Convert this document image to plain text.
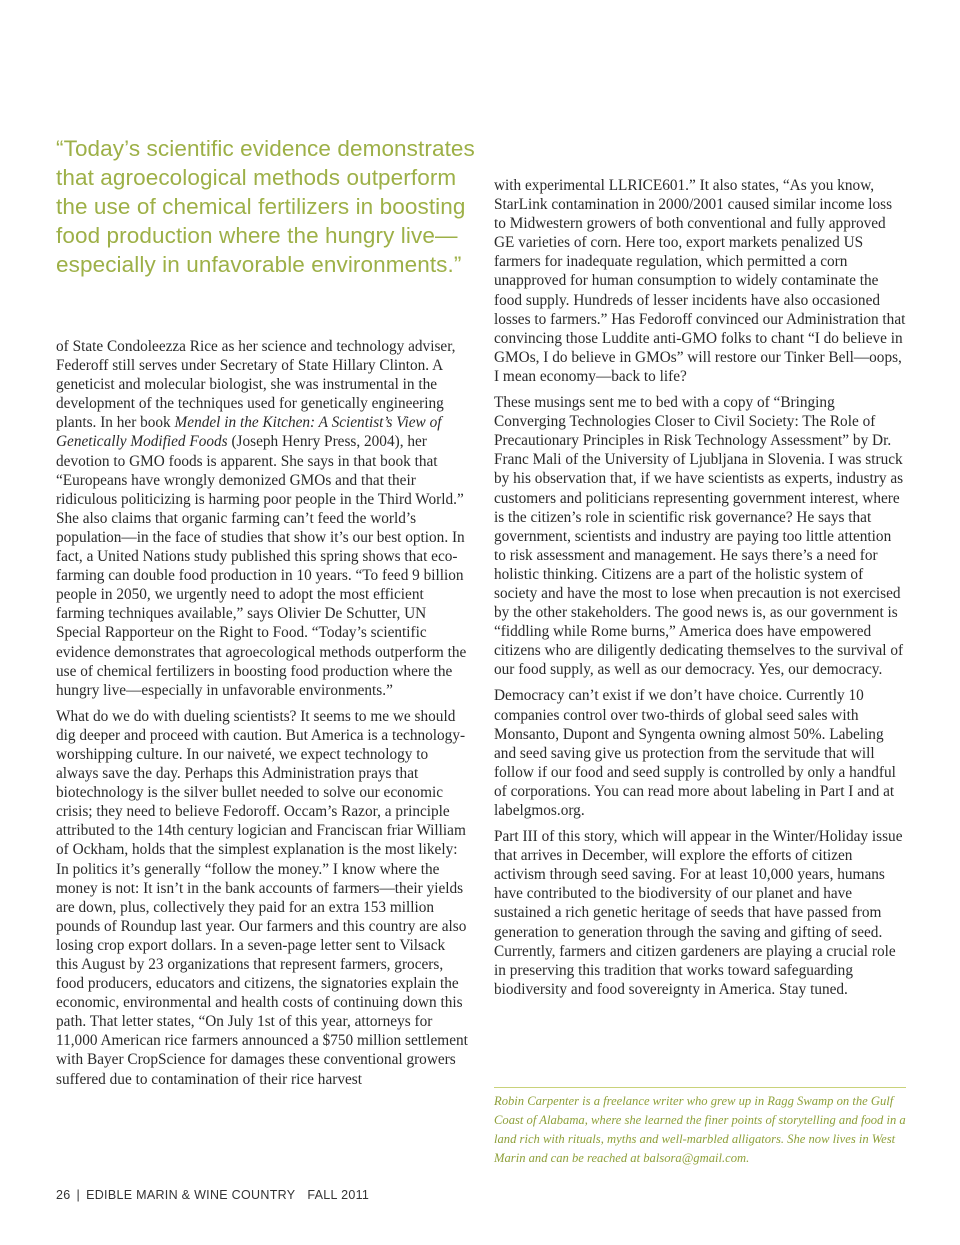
“Today’s scientific evidence demonstrates that agroecological methods outperform the use of chemical fertilizers in boosting food production where the hungry live—especially in unfavorable environments.”

of State Condoleezza Rice as her science and technology adviser, Federoff still serves under Secretary of State Hillary Clinton. A geneticist and molecular biologist, she was instrumental in the development of the techniques used for genetically engineering plants. In her book Mendel in the Kitchen: A Scientist’s View of Genetically Modified Foods (Joseph Henry Press, 2004), her devotion to GMO foods is apparent. She says in that book that “Europeans have wrongly demonized GMOs and that their ridiculous politicizing is harming poor people in the Third World.” She also claims that organic farming can’t feed the world’s population—in the face of studies that show it’s our best option. In fact, a United Nations study published this spring shows that eco-farming can double food production in 10 years. “To feed 9 billion people in 2050, we urgently need to adopt the most efficient farming techniques available,” says Olivier De Schutter, UN Special Rapporteur on the Right to Food. “Today’s scientific evidence demonstrates that agroecological methods outperform the use of chemical fertilizers in boosting food production where the hungry live—especially in unfavorable environments.”

What do we do with dueling scientists? It seems to me we should dig deeper and proceed with caution. But America is a technology-worshipping culture. In our naiveté, we expect technology to always save the day. Perhaps this Administration prays that biotechnology is the silver bullet needed to solve our economic crisis; they need to believe Fedoroff. Occam’s Razor, a principle attributed to the 14th century logician and Franciscan friar William of Ockham, holds that the simplest explanation is the most likely: In politics it’s generally “follow the money.” I know where the money is not: It isn’t in the bank accounts of farmers—their yields are down, plus, collectively they paid for an extra 153 million pounds of Roundup last year. Our farmers and this country are also losing crop export dollars. In a seven-page letter sent to Vilsack this August by 23 organizations that represent farmers, grocers, food producers, educators and citizens, the signatories explain the economic, environmental and health costs of continuing down this path. That letter states, “On July 1st of this year, attorneys for 11,000 American rice farmers announced a $750 million settlement with Bayer CropScience for damages these conventional growers suffered due to contamination of their rice harvest

with experimental LLRICE601.” It also states, “As you know, StarLink contamination in 2000/2001 caused similar income loss to Midwestern growers of both conventional and fully approved GE varieties of corn. Here too, export markets penalized US farmers for inadequate regulation, which permitted a corn unapproved for human consumption to widely contaminate the food supply. Hundreds of lesser incidents have also occasioned losses to farmers.” Has Fedoroff convinced our Administration that convincing those Luddite anti-GMO folks to chant “I do believe in GMOs, I do believe in GMOs” will restore our Tinker Bell—oops, I mean economy—back to life?

These musings sent me to bed with a copy of “Bringing Converging Technologies Closer to Civil Society: The Role of Precautionary Principles in Risk Technology Assessment” by Dr. Franc Mali of the University of Ljubljana in Slovenia. I was struck by his observation that, if we have scientists as experts, industry as customers and politicians representing government interest, where is the citizen’s role in scientific risk governance? He says that government, scientists and industry are paying too little attention to risk assessment and management. He says there’s a need for holistic thinking. Citizens are a part of the holistic system of society and have the most to lose when precaution is not exercised by the other stakeholders. The good news is, as our government is “fiddling while Rome burns,” America does have empowered citizens who are diligently dedicating themselves to the survival of our food supply, as well as our democracy. Yes, our democracy.

Democracy can’t exist if we don’t have choice. Currently 10 companies control over two-thirds of global seed sales with Monsanto, Dupont and Syngenta owning almost 50%. Labeling and seed saving give us protection from the servitude that will follow if our food and seed supply is controlled by only a handful of corporations. You can read more about labeling in Part I and at labelgmos.org.

Part III of this story, which will appear in the Winter/Holiday issue that arrives in December, will explore the efforts of citizen activism through seed saving. For at least 10,000 years, humans have contributed to the biodiversity of our planet and have sustained a rich genetic heritage of seeds that have passed from generation to generation through the saving and gifting of seed. Currently, farmers and citizen gardeners are playing a crucial role in preserving this tradition that works toward safeguarding biodiversity and food sovereignty in America. Stay tuned.

Robin Carpenter is a freelance writer who grew up in Ragg Swamp on the Gulf Coast of Alabama, where she learned the finer points of storytelling and food in a land rich with rituals, myths and well-marbled alligators. She now lives in West Marin and can be reached at balsora@gmail.com.
26 | EDIBLE MARIN & WINE COUNTRY FALL 2011
